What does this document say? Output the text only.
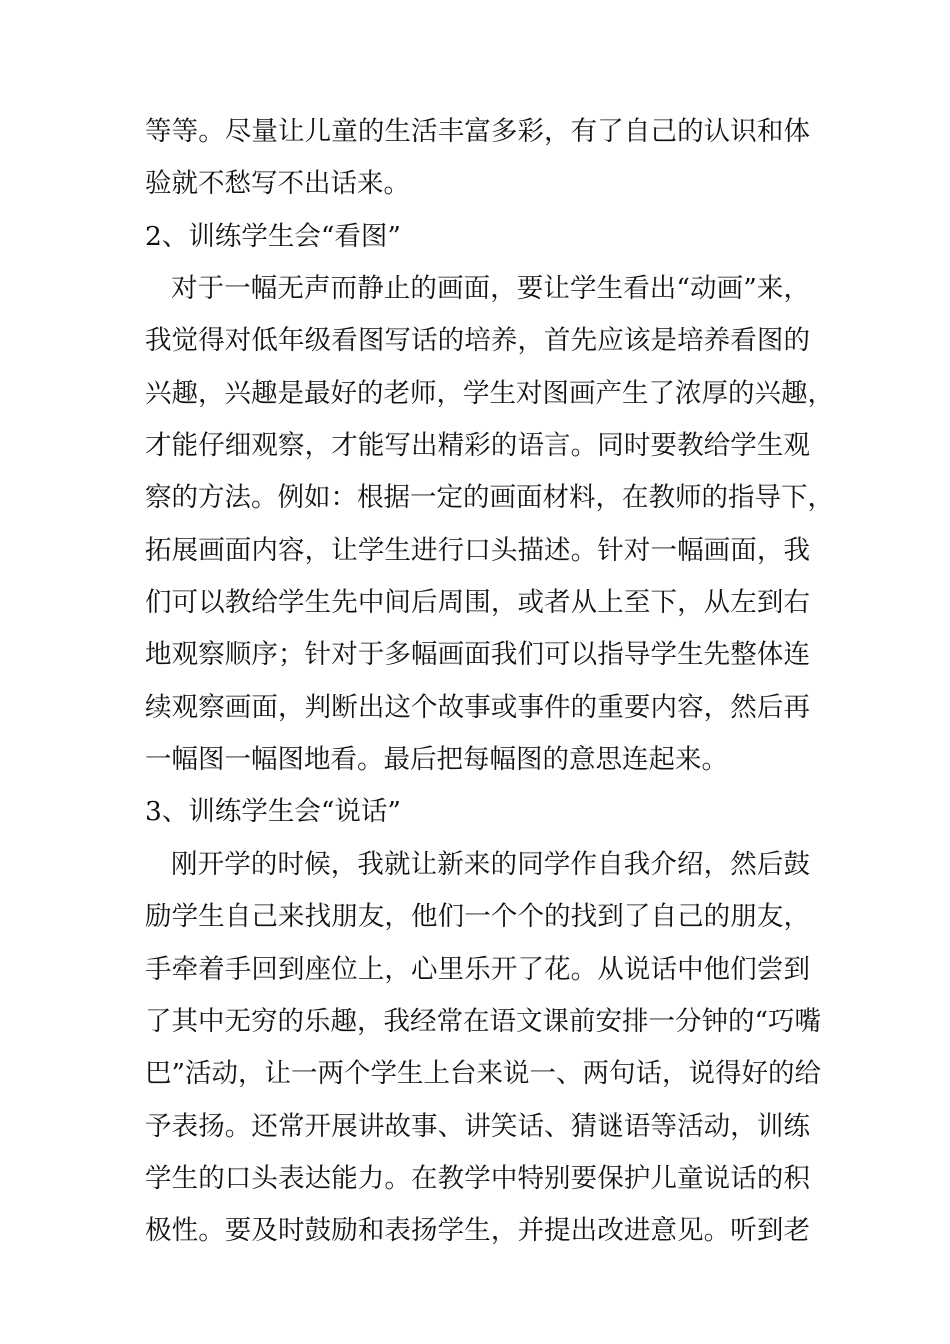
等等。尽量让儿童的生活丰富多彩，有了自己的认识和体
验就不愁写不出话来。
2、训练学生会“看图”
对于一幅无声而静止的画面，要让学生看出“动画”来，
我觉得对低年级看图写话的培养，首先应该是培养看图的
兴趣，兴趣是最好的老师，学生对图画产生了浓厚的兴趣，
才能仔细观察，才能写出精彩的语言。同时要教给学生观
察的方法。例如：根据一定的画面材料，在教师的指导下，
拓展画面内容，让学生进行口头描述。针对一幅画面，我
们可以教给学生先中间后周围，或者从上至下，从左到右
地观察顺序；针对于多幅画面我们可以指导学生先整体连
续观察画面，判断出这个故事或事件的重要内容，然后再
一幅图一幅图地看。最后把每幅图的意思连起来。
3、训练学生会“说话”
刚开学的时候，我就让新来的同学作自我介绍，然后鼓
励学生自己来找朋友，他们一个个的找到了自己的朋友，
手牵着手回到座位上，心里乐开了花。从说话中他们尝到
了其中无穷的乐趣，我经常在语文课前安排一分钟的“巧嘴
巴”活动，让一两个学生上台来说一、两句话，说得好的给
予表扬。还常开展讲故事、讲笑话、猜谜语等活动，训练
学生的口头表达能力。在教学中特别要保护儿童说话的积
极性。要及时鼓励和表扬学生，并提出改进意见。听到老
